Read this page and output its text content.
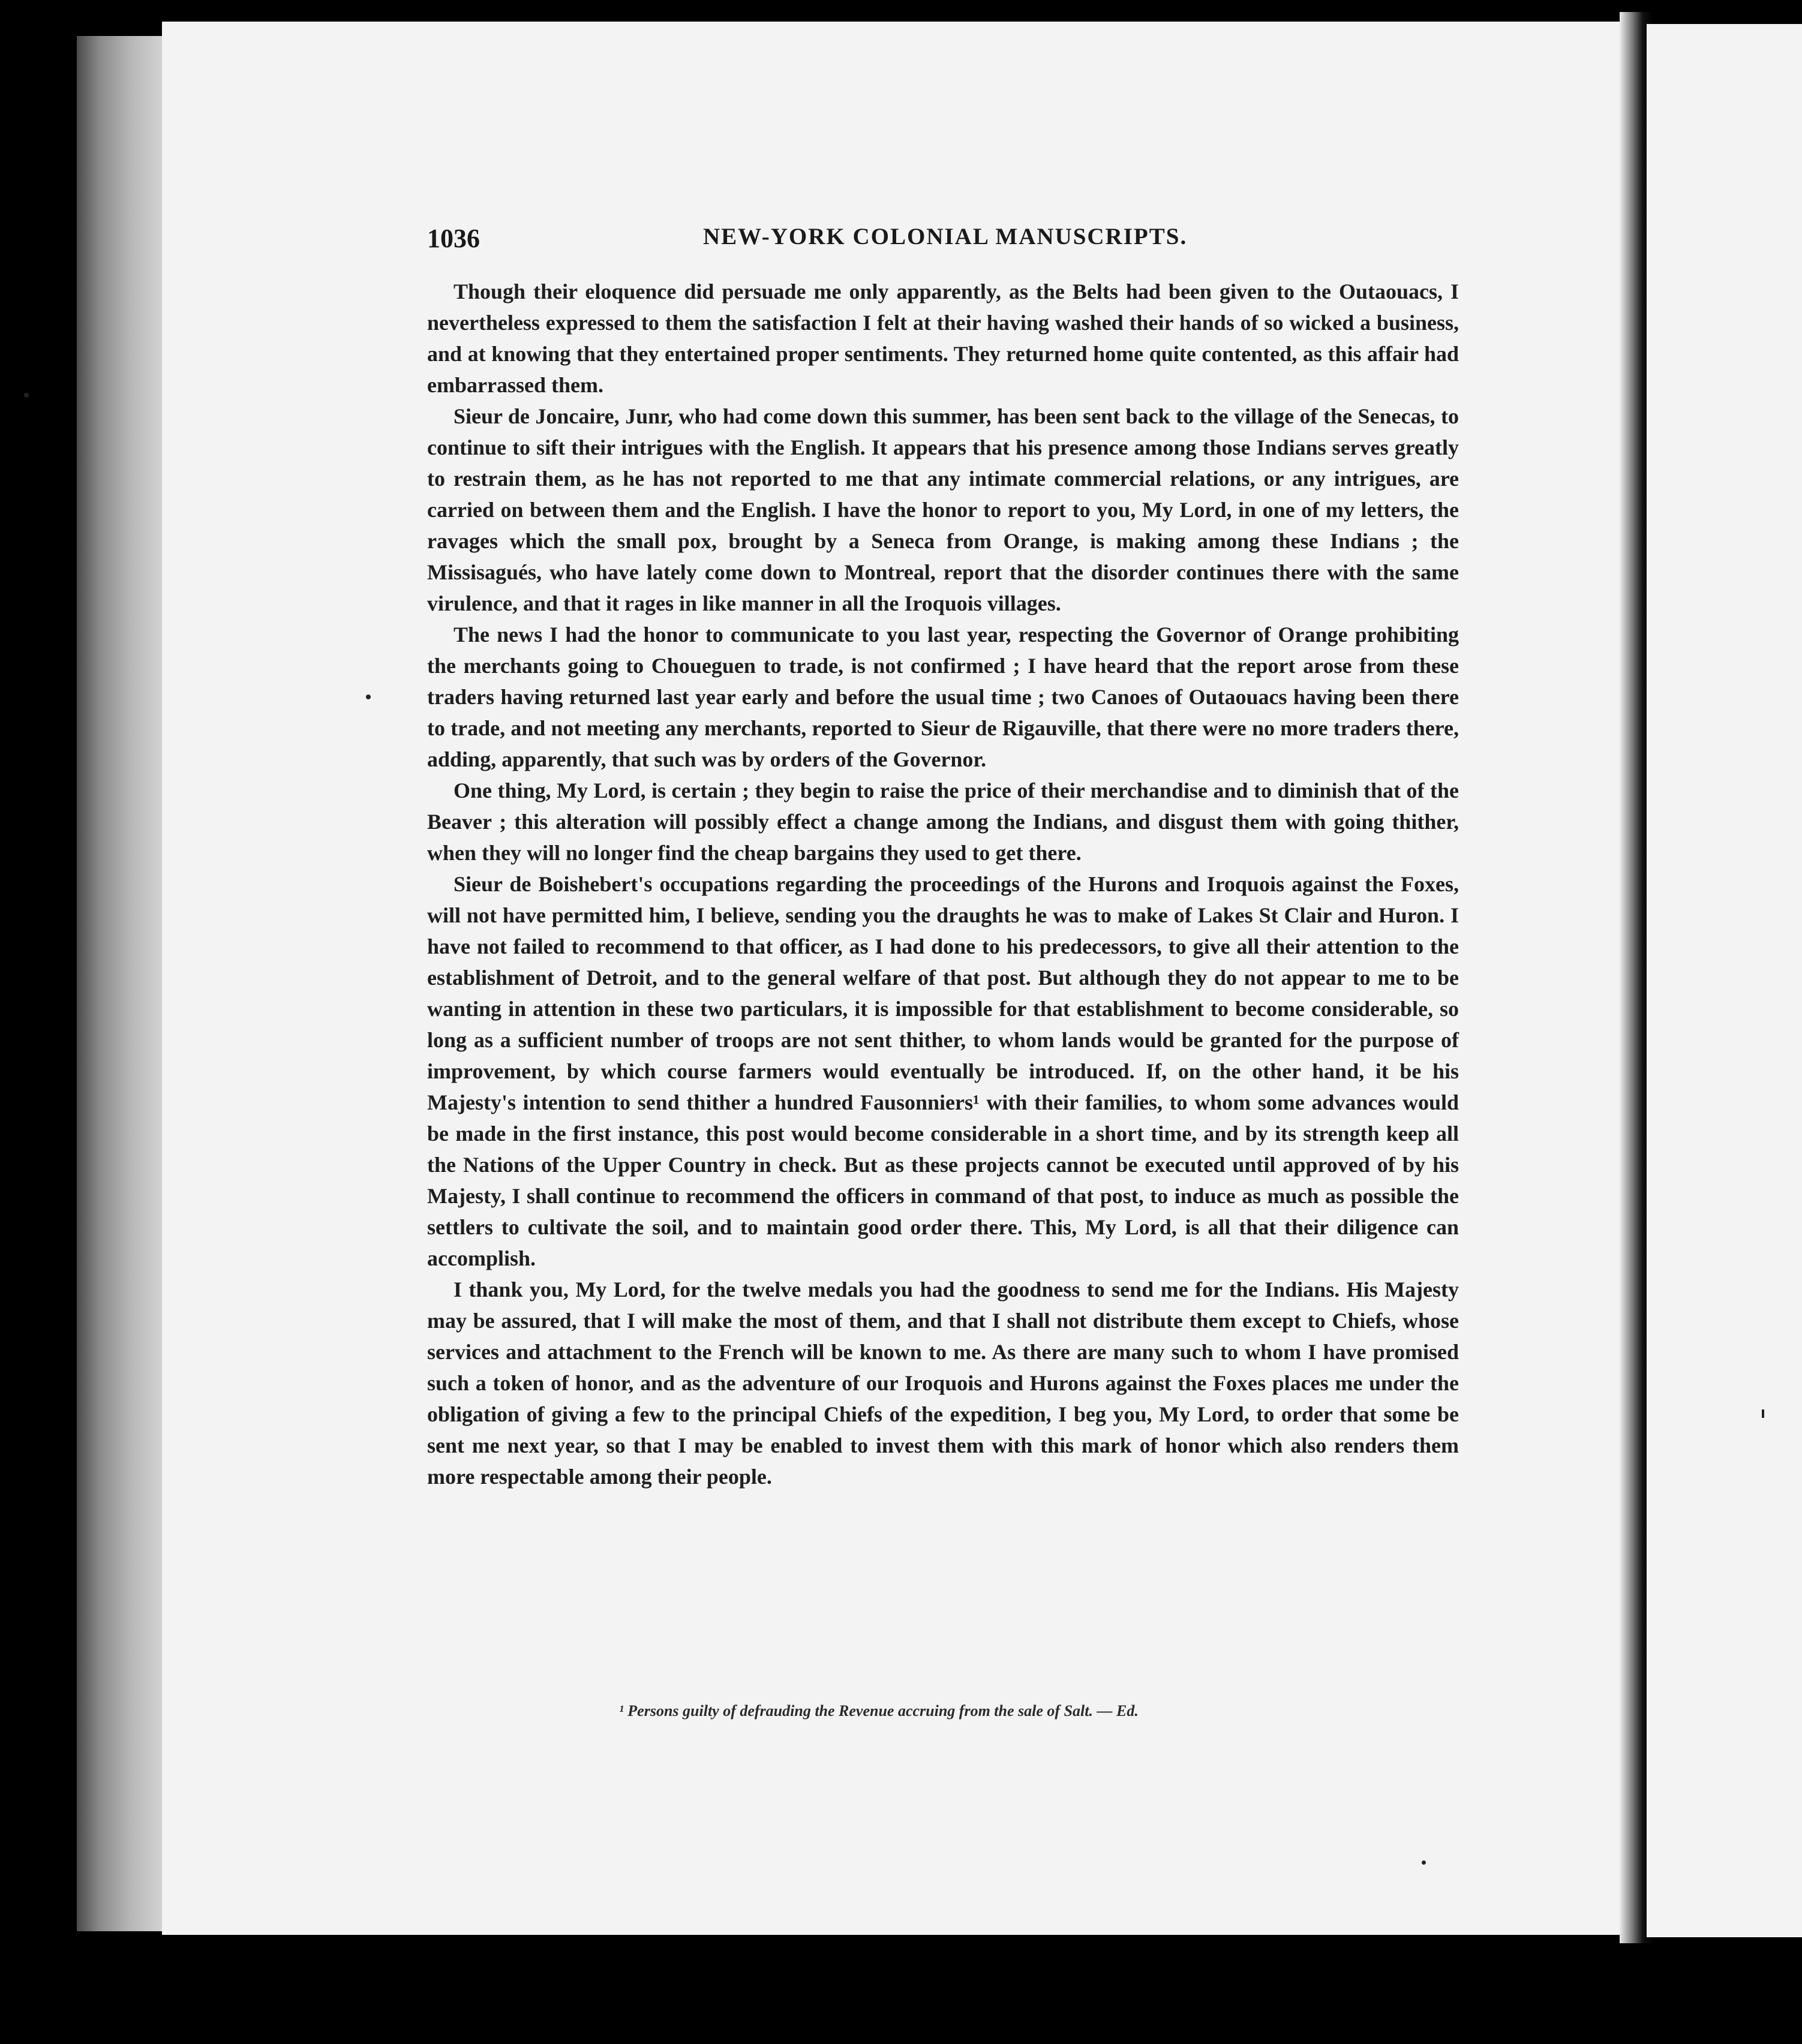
1036	NEW-YORK COLONIAL MANUSCRIPTS.

Though their eloquence did persuade me only apparently, as the Belts had been given to the Outaouacs, I nevertheless expressed to them the satisfaction I felt at their having washed their hands of so wicked a business, and at knowing that they entertained proper sentiments. They returned home quite contented, as this affair had embarrassed them.

Sieur de Joncaire, Junr, who had come down this summer, has been sent back to the village of the Senecas, to continue to sift their intrigues with the English. It appears that his presence among those Indians serves greatly to restrain them, as he has not reported to me that any intimate commercial relations, or any intrigues, are carried on between them and the English. I have the honor to report to you, My Lord, in one of my letters, the ravages which the small pox, brought by a Seneca from Orange, is making among these Indians ; the Missisagués, who have lately come down to Montreal, report that the disorder continues there with the same virulence, and that it rages in like manner in all the Iroquois villages.

The news I had the honor to communicate to you last year, respecting the Governor of Orange prohibiting the merchants going to Choueguen to trade, is not confirmed ; I have heard that the report arose from these traders having returned last year early and before the usual time ; two Canoes of Outaouacs having been there to trade, and not meeting any merchants, reported to Sieur de Rigauville, that there were no more traders there, adding, apparently, that such was by orders of the Governor.

One thing, My Lord, is certain ; they begin to raise the price of their merchandise and to diminish that of the Beaver ; this alteration will possibly effect a change among the Indians, and disgust them with going thither, when they will no longer find the cheap bargains they used to get there.

Sieur de Boishebert's occupations regarding the proceedings of the Hurons and Iroquois against the Foxes, will not have permitted him, I believe, sending you the draughts he was to make of Lakes St Clair and Huron. I have not failed to recommend to that officer, as I had done to his predecessors, to give all their attention to the establishment of Detroit, and to the general welfare of that post. But although they do not appear to me to be wanting in attention in these two particulars, it is impossible for that establishment to become considerable, so long as a sufficient number of troops are not sent thither, to whom lands would be granted for the purpose of improvement, by which course farmers would eventually be introduced. If, on the other hand, it be his Majesty's intention to send thither a hundred Fausonniers¹ with their families, to whom some advances would be made in the first instance, this post would become considerable in a short time, and by its strength keep all the Nations of the Upper Country in check. But as these projects cannot be executed until approved of by his Majesty, I shall continue to recommend the officers in command of that post, to induce as much as possible the settlers to cultivate the soil, and to maintain good order there. This, My Lord, is all that their diligence can accomplish.

I thank you, My Lord, for the twelve medals you had the goodness to send me for the Indians. His Majesty may be assured, that I will make the most of them, and that I shall not distribute them except to Chiefs, whose services and attachment to the French will be known to me. As there are many such to whom I have promised such a token of honor, and as the adventure of our Iroquois and Hurons against the Foxes places me under the obligation of giving a few to the principal Chiefs of the expedition, I beg you, My Lord, to order that some be sent me next year, so that I may be enabled to invest them with this mark of honor which also renders them more respectable among their people.

¹ Persons guilty of defrauding the Revenue accruing from the sale of Salt. — Ed.
